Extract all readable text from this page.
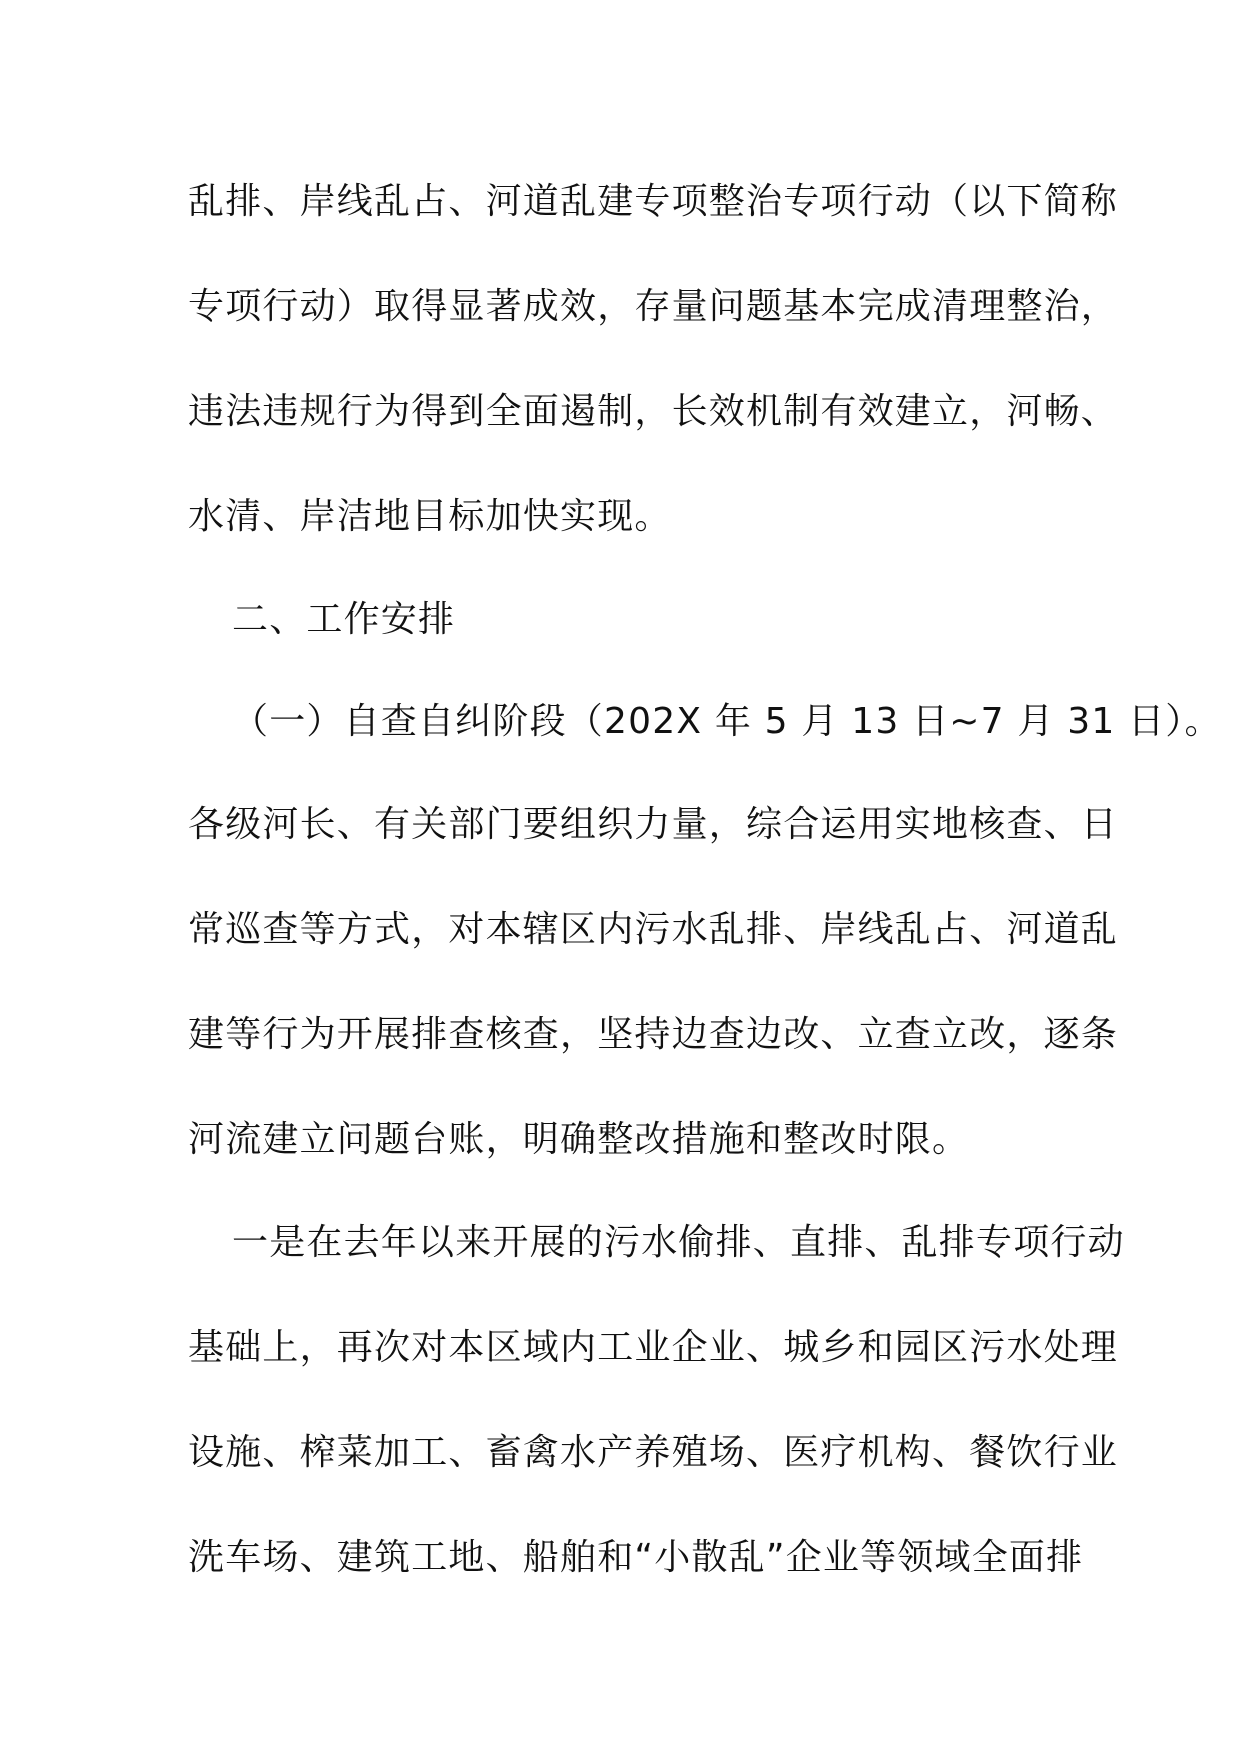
乱排、岸线乱占、河道乱建专项整治专项行动（以下简称
专项行动）取得显著成效，存量问题基本完成清理整治，
违法违规行为得到全面遏制，长效机制有效建立，河畅、
水清、岸洁地目标加快实现。
二、工作安排
（一）自查自纠阶段（202X 年 5 月 13 日~7 月 31 日）。
各级河长、有关部门要组织力量，综合运用实地核查、日
常巡查等方式，对本辖区内污水乱排、岸线乱占、河道乱
建等行为开展排查核查，坚持边查边改、立查立改，逐条
河流建立问题台账，明确整改措施和整改时限。
一是在去年以来开展的污水偷排、直排、乱排专项行动
基础上，再次对本区域内工业企业、城乡和园区污水处理
设施、榨菜加工、畜禽水产养殖场、医疗机构、餐饮行业
洗车场、建筑工地、船舶和“小散乱”企业等领域全面排
